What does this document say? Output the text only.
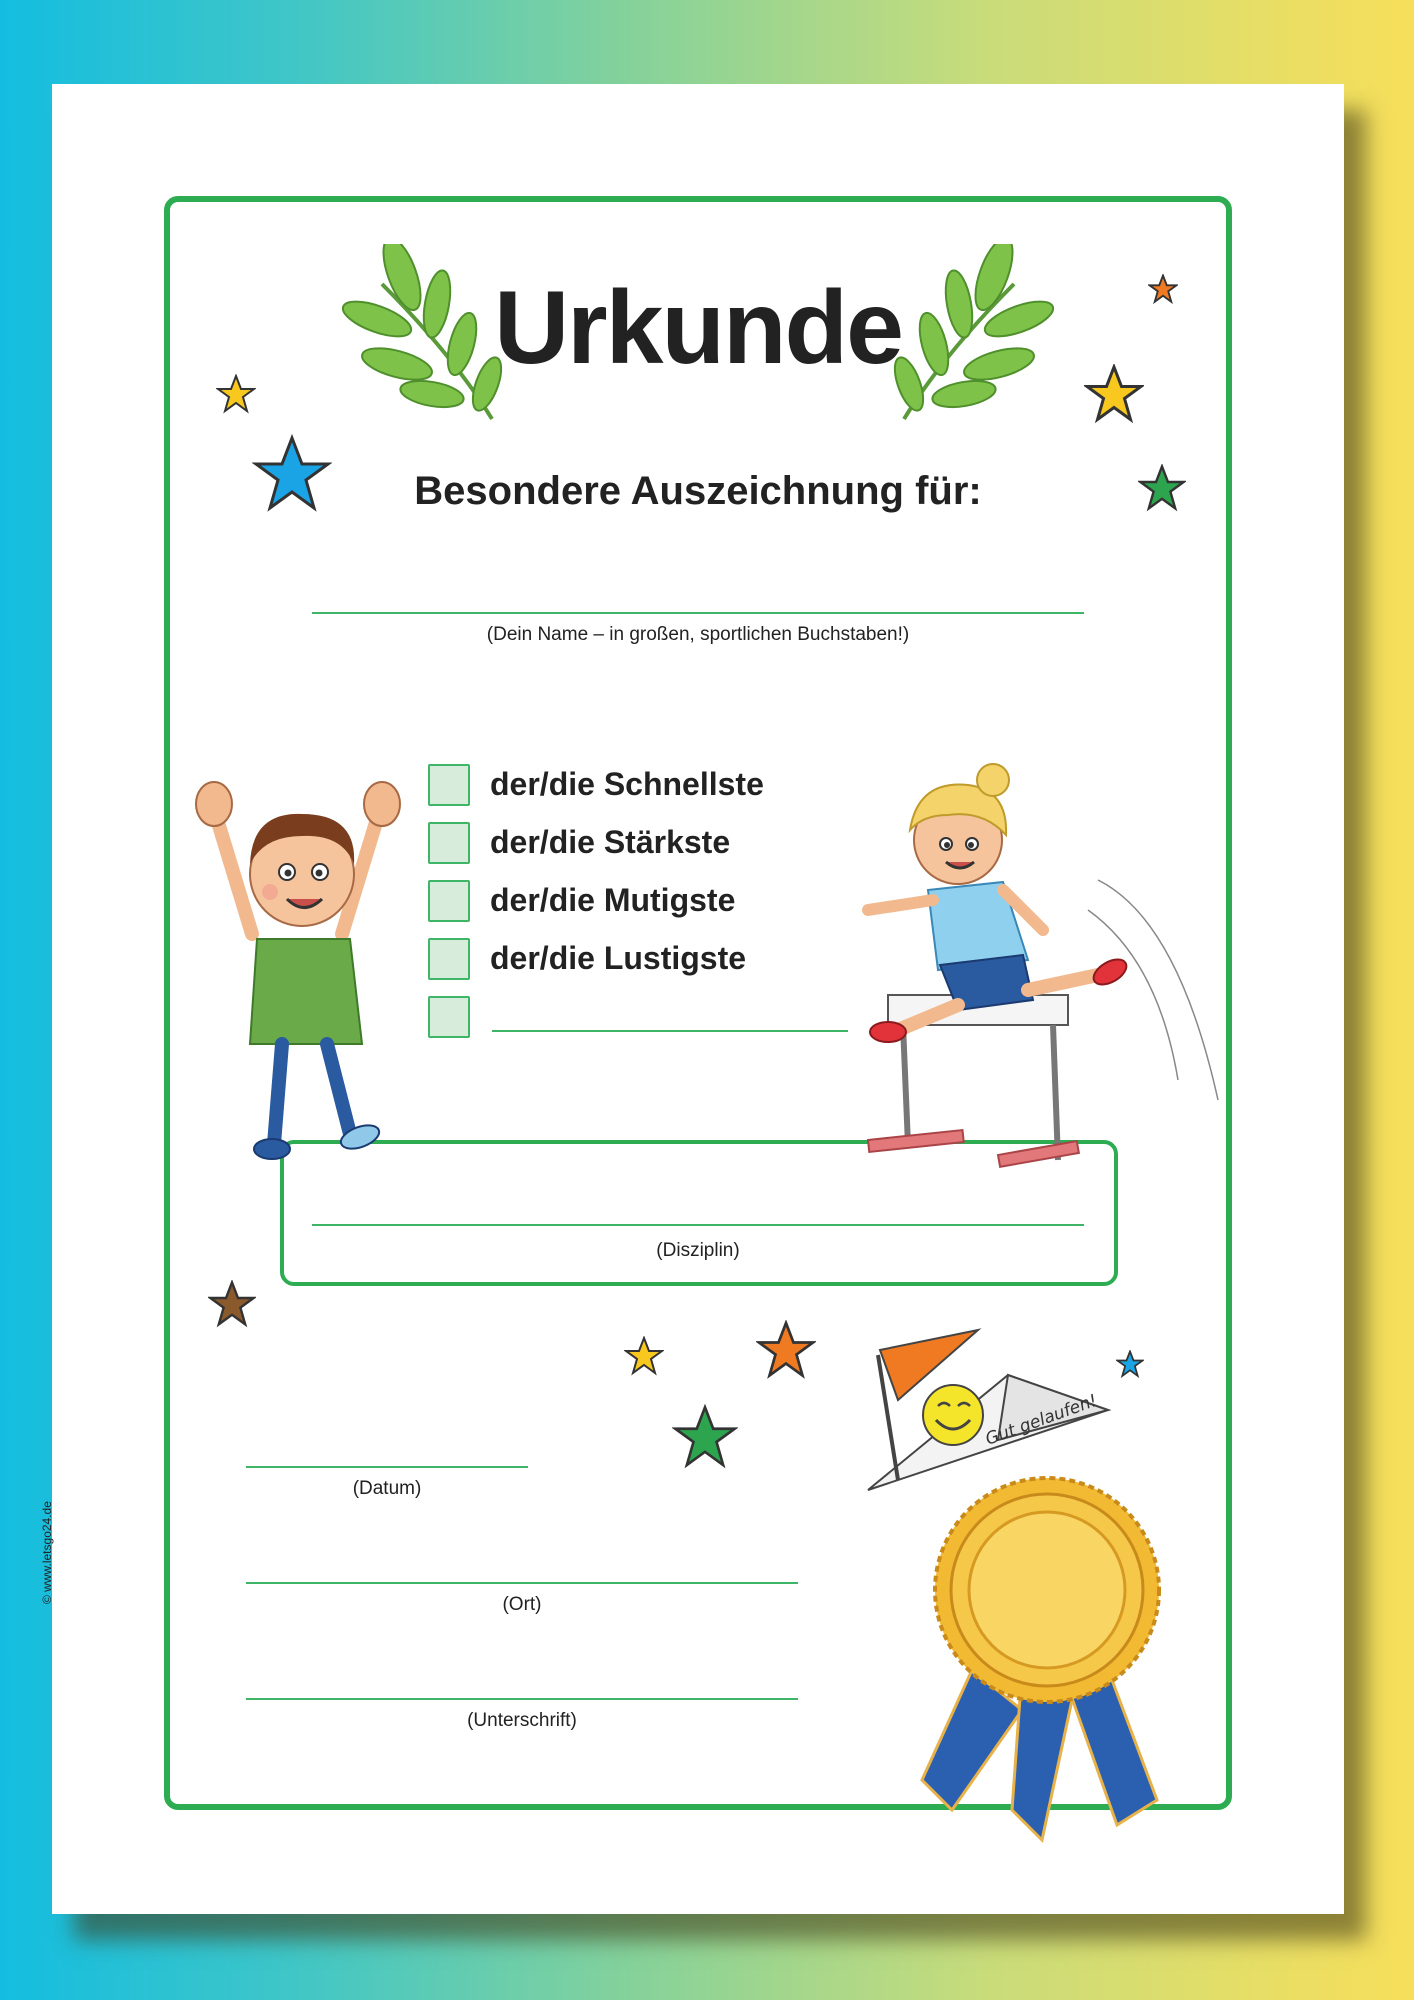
Urkunde
Besondere Auszeichnung für:
(Dein Name – in großen, sportlichen Buchstaben!)
der/die Schnellste
der/die Stärkste
der/die Mutigste
der/die Lustigste
(Disziplin)
(Datum)
(Ort)
(Unterschrift)
Gut gelaufen!
© www.letsgo24.de
